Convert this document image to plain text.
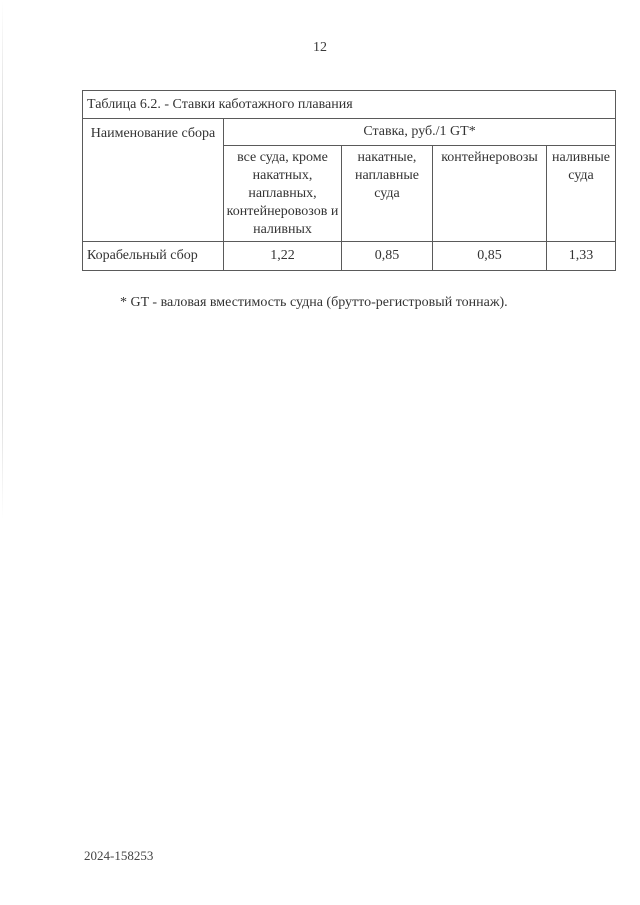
12
Таблица 6.2. - Ставки каботажного плавания				
Наименование сбора	Ставка, руб./1 GT*			
	все суда, кроме накатных, наплавных, контейнеровозов и наливных	накатные, наплавные суда	контейнеровозы	наливные суда
Корабельный сбор	1,22	0,85	0,85	1,33
* GT - валовая вместимость судна (брутто-регистровый тоннаж).
2024-158253
